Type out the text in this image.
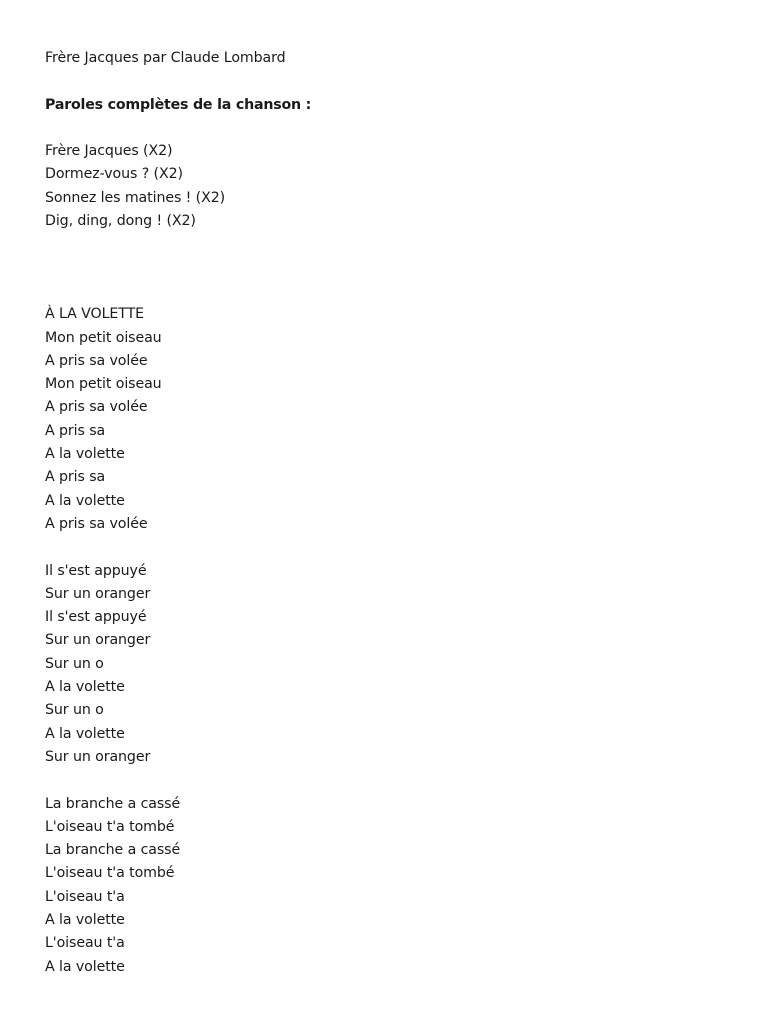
Frère Jacques par Claude Lombard
Paroles complètes de la chanson :
Frère Jacques (X2)
Dormez-vous ? (X2)
Sonnez les matines ! (X2)
Dig, ding, dong ! (X2)
À LA VOLETTE
Mon petit oiseau
A pris sa volée
Mon petit oiseau
A pris sa volée
A pris sa
A la volette
A pris sa
A la volette
A pris sa volée
Il s'est appuyé
Sur un oranger
Il s'est appuyé
Sur un oranger
Sur un o
A la volette
Sur un o
A la volette
Sur un oranger
La branche a cassé
L'oiseau t'a tombé
La branche a cassé
L'oiseau t'a tombé
L'oiseau t'a
A la volette
L'oiseau t'a
A la volette
